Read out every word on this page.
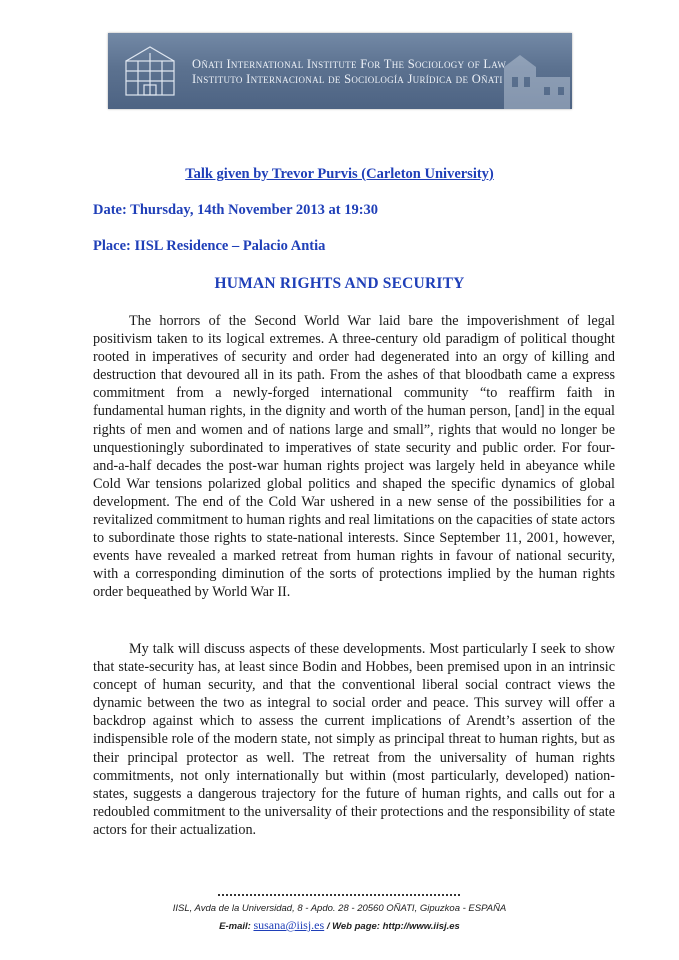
Oñati International Institute For The Sociology of Law
Instituto Internacional de Sociología Jurídica de Oñati
Talk given by Trevor Purvis (Carleton University)
Date: Thursday, 14th November 2013 at 19:30
Place: IISL Residence – Palacio Antia
HUMAN RIGHTS AND SECURITY

The horrors of the Second World War laid bare the impoverishment of legal positivism taken to its logical extremes. A three-century old paradigm of political thought rooted in imperatives of security and order had degenerated into an orgy of killing and destruction that devoured all in its path. From the ashes of that bloodbath came a express commitment from a newly-forged international community “to reaffirm faith in fundamental human rights, in the dignity and worth of the human person, [and] in the equal rights of men and women and of nations large and small”, rights that would no longer be unquestioningly subordinated to imperatives of state security and public order. For four-and-a-half decades the post-war human rights project was largely held in abeyance while Cold War tensions polarized global politics and shaped the specific dynamics of global development. The end of the Cold War ushered in a new sense of the possibilities for a revitalized commitment to human rights and real limitations on the capacities of state actors to subordinate those rights to state-national interests. Since September 11, 2001, however, events have revealed a marked retreat from human rights in favour of national security, with a corresponding diminution of the sorts of protections implied by the human rights order bequeathed by World War II.

My talk will discuss aspects of these developments. Most particularly I seek to show that state-security has, at least since Bodin and Hobbes, been premised upon in an intrinsic concept of human security, and that the conventional liberal social contract views the dynamic between the two as integral to social order and peace. This survey will offer a backdrop against which to assess the current implications of Arendt’s assertion of the indispensible role of the modern state, not simply as principal threat to human rights, but as their principal protector as well. The retreat from the universality of human rights commitments, not only internationally but within (most particularly, developed) nation-states, suggests a dangerous trajectory for the future of human rights, and calls out for a redoubled commitment to the universality of their protections and the responsibility of state actors for their actualization.

IISL, Avda de la Universidad, 8 - Apdo. 28 - 20560 OÑATI, Gipuzkoa - ESPAÑA
E-mail: susana@iisj.es / Web page: http://www.iisj.es
